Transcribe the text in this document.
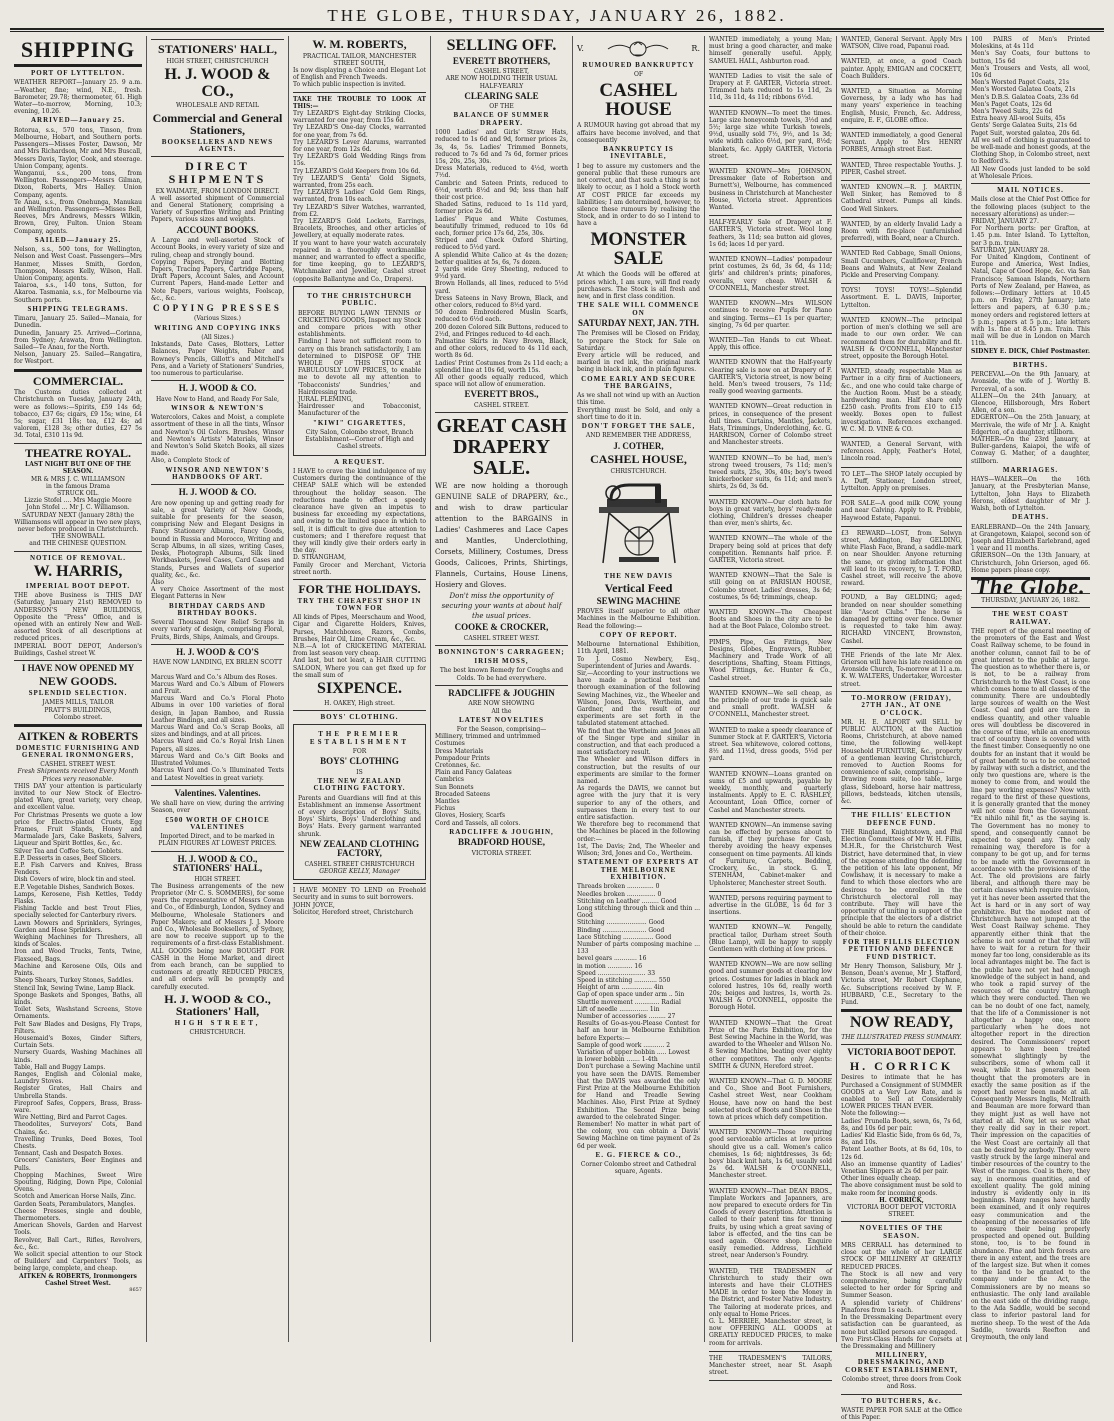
THE GLOBE, THURSDAY, JANUARY 26, 1882.
SHIPPING
PORT OF LYTTELTON.
WEATHER REPORT—January 25. 9 a.m.—Weather, fine; wind, N.E., fresh. Barometer, 29.78; thermometer, 61. High Water—to-morrow, Morning, 10.3; evening, 10.26.
ARRIVED—January 25.
Rotorua, s.s., 570 tons, Tinson, from Melbourne, Hobart, and Southern ports. Passengers—Misses Foster, Dawson, Mr and Mrs Richardson, Mr and Mrs Buscall, Messrs Davis, Taylor, Cook, and steerage. Union Company, agents.
Wanganui, s.s., 200 tons, from Wellington. Passengers—Messrs Gilman, Dixon, Roberts, Mrs Halley. Union Company, agents.
Te Anau, s.s., from Onehunga, Manukau and Wellington. Passengers—Misses Bell, Reeves, Mrs Andrews, Messrs Wilkin, Brown, Grey, Fulton. Union Steam Company, agents.
SAILED—January 25.
Nelson, s.s., 500 tons, for Wellington, Nelson and West Coast. Passengers—Mrs Hanmer, Misses Smith, Gordon, Thompson, Messrs Kelly, Wilson, Hall. Union Company, agents.
Taiaroa, s.s., 140 tons, Sutton, for Akaroa. Tasmania, s.s., for Melbourne via Southern ports.
SHIPPING TELEGRAMS.
Timaru, January 25. Sailed—Manaia, for Dunedin.
Dunedin, January 25. Arrived—Corinna, from Sydney; Arawata, from Wellington. Sailed—Te Anau, for the North.
Nelson, January 25. Sailed—Rangatira, for Westport.
COMMERCIAL.
The Customs duties collected at Christchurch on Tuesday, January 24th, were as follows:—Spirits, £59 14s 6d; tobacco, £37 6s; cigars, £9 15s; wine, £4 5s; sugar, £31 18s; tea, £12 4s; ad valorem, £128 3s; other duties, £27 5s 3d. Total, £310 11s 9d.
THEATRE ROYAL.
LAST NIGHT BUT ONE OF THE SEASON.
MR & MRS J. C. WILLIAMSON
in the famous Drama
STRUCK OIL.
Lizzie Stofel .... Mrs Maggie Moore
John Stofel ... Mr J. C. Williamson.
SATURDAY NEXT (January 28th) the Williamsons will appear in two new plays, never before produced in Christchurch.
THE SNOWBALL
and THE CHINESE QUESTION.
NOTICE OF REMOVAL.
W. HARRIS,
IMPERIAL BOOT DEPOT.
THE above Business is THIS DAY (Saturday, January 21st) REMOVED to ANDERSON'S NEW BUILDINGS, Opposite the "Press" Office, and is opened with an entirely New and Well-assorted Stock of all descriptions at reduced prices.
IMPERIAL BOOT DEPOT, Anderson's Buildings, Cashel street W.
I HAVE NOW OPENED MY
NEW GOODS.
SPLENDID SELECTION.
JAMES MILLS, TAILOR
PRATT'S BUILDINGS,
Colombo street.
AITKEN & ROBERTS
DOMESTIC FURNISHING AND GENERAL IRONMONGERS,
CASHEL STREET WEST.
Fresh Shipments received Every Month Prices very reasonable.
THIS DAY your attention is particularly invited to our New Stock of Electro-plated Ware, great variety, very cheap, and excellent value.
For Christmas Presents we quote a low price for Electro-plated Cruets, Egg Frames, Fruit Stands, Honey and Marmalade Jars, Cake Baskets, Salvers, Liqueur and Spirit Bottles, &c., &c.
Silver Tea and Coffee Sets, Goblets.
E.P. Desserts in cases, Beef Slicers.
E.P. Fish Carvers and Knives, Brass Fenders.
Dish Covers of wire, block tin and steel.
E.P. Vegetable Dishes, Sandwich Boxes.
Lamps, Kerosene, Fish Kettles, Teddy Flasks.
Fishing Tackle and best Trout Flies, specially selected for Canterbury rivers.
Lawn Mowers and Sprinklers, Syringes, Garden and Hose Sprinklers.
Weighing Machines for Threshers, all kinds of Scales.
Iron and Wood Trucks, Tents, Twine, Flaxseed, Bags.
Machine and Kerosene Oils, Oils and Paints.
Sheep Shears, Turkey Stones, Saddles.
Stencil Ink, Sewing Twine, Lamp Black.
Sponge Baskets and Sponges, Baths, all kinds.
Toilet Sets, Washstand Screens, Stove Ornaments.
Felt Saw Blades and Designs, Fly Traps, Filters.
Housemaid's Boxes, Ginder Sifters, Curtain Sets.
Nursery Guards, Washing Machines all kinds.
Table, Hall and Buggy Lamps.
Ranges, English and Colonial make, Laundry Stoves.
Register Grates, Hall Chairs and Umbrella Stands.
Fireproof Safes, Coppers, Brass, Brass-ware.
Wire Netting, Bird and Parrot Cages.
Theodolites, Surveyors' Cots, Band Chains, &c.
Travelling Trunks, Deed Boxes, Tool Chests.
Tennant, Cash and Despatch Boxes.
Grocers' Canisters, Beer Engines and Pulls.
Chopping Machines, Sweet Wire Spouting, Ridging, Down Pipe, Colonial Ovens.
Scotch and American Horse Nails, Zinc.
Garden Seats, Perambulators, Mangles.
Cheese Presses, single and double, Thermometers.
American Shovels, Garden and Harvest Tools.
Revolver, Ball Cart., Rifles, Revolvers, &c., &c.
We solicit special attention to our Stock of Builders' and Carpenters' Tools, as being large, complete, and cheap.
AITKEN & ROBERTS, Ironmongers Cashel Street West.
8657
STATIONERS' HALL,
HIGH STREET, CHRISTCHURCH
H. J. WOOD & CO.,
WHOLESALE AND RETAIL
Commercial and General Stationers,
BOOKSELLERS AND NEWS AGENTS.
DIRECT SHIPMENTS
EX WAIMATE, FROM LONDON DIRECT.
A well assorted shipment of Commercial and General Stationery, comprising a Variety of Superfine Writing and Printing Papers, various sizes and weights.
ACCOUNT BOOKS.
A Large and well-assorted Stock of Account Books, in every variety of size and ruling, cheap and strongly bound.
Copying Papers, Drying and Blotting Papers, Tracing Papers, Cartridge Papers, Draft Papers, Account Sales, and Account Current Papers, Hand-made Letter and Note Papers, various weights, Foolscap, &c., &c.
COPYING PRESSES
(Various Sizes.)
WRITING AND COPYING INKS
(All Sizes.)
Inkstands, Date Cases, Blotters, Letter Balances, Paper Weights, Faber and Rowney's Pencils, Gillott's and Mitchell's Pens, and a Variety of Stationers' Sundries, too numerous to particularise.
H. J. WOOD & CO.
Have Now to Hand, and Ready For Sale,
WINSOR & NEWTON'S
Watercolors, Cakes and Moist, a complete assortment of these in all the tints, Winsor and Newton's Oil Colors. Brushes, Winsor and Newton's Artists' Materials, Winsor and Newton's Solid Sketch Books, all sizes made.
Also, a Complete Stock of
WINSOR AND NEWTON'S HANDBOOKS OF ART.
H. J. WOOD & CO.
Are now opening up and getting ready for sale, a great Variety of New Goods, suitable for presents for the season, comprising New and Elegant Designs in Fancy Stationery Albums, Fancy Goods, bound in Russia and Morocco, Writing and Scrap Albums, in all sizes, writing Cases, Desks, Photograph Albums, Silk lined Workbaskets, Jewel Cases, Card Cases and Stands, Purses and Wallets of superior quality, &c., &c.
Also
A very Choice Assortment of the most Elegant Patterns in New
BIRTHDAY CARDS AND BIRTHDAY BOOKS.
Several Thousand New Relief Scraps in every variety of design, comprising Floral, Fruits, Birds, Ships, Animals, and Groups.
H. J. WOOD & CO'S
HAVE NOW LANDING, EX BRLEN SCOTT—
Marcus Ward and Co.'s Album des Roses.
Marcus Ward and Co.'s Album of Flowers and Fruit.
Marcus Ward and Co.'s Floral Photo Albums in over 100 varieties of floral design, in Japan Bamboo, and Russia Leather Bindings, and all sizes.
Marcus Ward and Co.'s Scrap Books, all sizes and bindings, and at all prices.
Marcus Ward and Co.'s Royal Irish Linen Papers, all sizes.
Marcus Ward and Co.'s Gift Books and Illustrated Volumes.
Marcus Ward and Co.'s Illuminated Texts and Latest Novelties in great variety.
Valentines. Valentines.
We shall have on view, during the arriving Season, over
£500 WORTH OF CHOICE VALENTINES
Imported Direct, and to be marked in PLAIN FIGURES AT LOWEST PRICES.
H. J. WOOD & CO., STATIONERS' HALL,
HIGH STREET.
The Business arrangements of the new Proprietor (Mr C. S. SOMMERS), for some years the representative of Messrs Cowan and Co., of Edinburgh, London, Sydney and Melbourne, Wholesale Stationers and Paper Makers; and of Messrs J. J. Moore and Co., Wholesale Booksellers, of Sydney, are now to receive support up to the requirements of a first-class Establishment.
ALL GOODS being now BOUGHT FOR CASH in the Home Market, and direct from each branch, can be supplied to customers at greatly REDUCED PRICES, and all orders will be promptly and carefully executed.
H. J. WOOD & CO., Stationers' Hall,
HIGH STREET,
CHRISTCHURCH.
W. M. ROBERTS,
PRACTICAL TAILOR, MANCHESTER STREET SOUTH,
Is now displaying a Choice and Elegant Lot of English and French Tweeds.
To which public inspection is invited.
TAKE THE TROUBLE TO LOOK AT THIS:—
Try LEZARD'S Eight-day Striking Clocks, warranted for one year, from 15s 6d.
Try LEZARD'S One-day Clocks, warranted for one year, from 7s 6d.
Try LEZARD'S Lever Alarums, warranted for one year, from 12s 6d.
Try LEZARD'S Gold Wedding Rings from 15s.
Try LEZARD'S Gold Keepers from 10s 6d.
Try LEZARD'S Genta' Gold Signets, warranted, from 25s each.
Try LEZARD'S Ladies' Gold Gem Rings, warranted, from 10s each.
Try LEZARD'S Silver Watches, warranted, from £2.
Try LEZARD'S Gold Lockets, Earrings, Bracelets, Brooches, and other articles of Jewellery, at equally moderate rates.
If you want to have your watch accurately repaired in a thoroughly workmanlike manner, and warranted to effect a specific, for time keeping, go to LEZARD'S, Watchmaker and Jeweller, Cashel street (opposite Ballantyne and Co., Drapers).
TO THE CHRISTCHURCH PUBLIC.
BEFORE BUYING LAWN TENNIS or CRICKETING GOODS, Inspect my Stock and compare prices with other establishments.
Finding I have not sufficient room to carry on this branch satisfactorily, I am determined to DISPOSE OF THE WHOLE OF THIS STOCK at FABULOUSLY LOW PRICES, to enable me to devote all my attention to 'Tobacconists' Sundries,' and Hairdressing trade.
JURAL FLEMING,
Hairdresser and Tobacconist, Manufacturer of the
"KIWI" CIGARETTES,
City Salon, Colombo street, Branch Establishment—Corner of High and Cashel streets.
A REQUEST.
I HAVE to crave the kind indulgence of my Customers during the continuance of the CHEAP SALE which will be extended throughout the holiday season. The reductions made to effect a speedy clearance have given an impetus to business far exceeding my expectations, and owing to the limited space in which to sell, it is difficult to give due attention to customers; and I therefore request that they will kindly give their orders early in the day.
D. STRANGHAM,
Family Grocer and Merchant, Victoria street north.
FOR THE HOLIDAYS.
TRY THE CHEAPEST SHOP IN TOWN FOR
All kinds of Pipes, Meerschaum and Wood, Cigar and Cigarette Holders, Knives, Purses, Matchboxes, Razors, Combs, Brushes, Hair Oil, Lime Cream, &c., &c.
N.B.—A lot of CRICKETING MATERIAL from last season very cheap.
And last, but not least, a HAIR CUTTING SALOON, Where you can get fixed up for the small sum of
SIXPENCE.
H. OAKEY, High street.
BOYS' CLOTHING.
THE PREMIER ESTABLISHMENT
FOR
BOYS' CLOTHING
IS
THE NEW ZEALAND CLOTHING FACTORY.
Parents and Guardians will find at this Establishment an immense Assortment of every description of Boys' Suits, Boys' Shirts, Boys' Underclothing and Boys' Hats. Every garment warranted shrunk.
NEW ZEALAND CLOTHING FACTORY,
CASHEL STREET CHRISTCHURCH
GEORGE KELLY, Manager
I HAVE MONEY TO LEND on Freehold Security and in sums to suit borrowers.
JOHN JOYCE,
Solicitor, Hereford street, Christchurch
SELLING OFF.
EVERETT BROTHERS,
CASHEL STREET,
ARE NOW HOLDING THEIR USUAL
HALF-YEARLY
CLEARING SALE
OF THE
BALANCE OF SUMMER DRAPERY.
1000 Ladies' and Girls' Straw Hats, reduced to 1s 6d and 9d, former prices 2s, 3s, 4s, 5s. Ladies' Trimmed Bonnets, reduced to 7s 6d and 7s 6d, former prices 15s, 20s, 25s, 30s.
Dress Materials, reduced to 4½d, worth 7½d.
Cambric and Sateen Prints, reduced to 6½d, worth 8½d and 9d; less than half their cost price.
Shaded Satins, reduced to 1s 11d yard, former price 2s 6d.
Ladies' Pique and White Costumes, beautifully trimmed, reduced to 10s 6d each, former price 17s 6d, 25s, 30s.
Striped and Check Oxford Shirting, reduced to 5½d yard.
A splendid White Calico at 4s the dozen; better qualities at 5s, 6s, 7s dozen.
2 yards wide Grey Sheeting, reduced to 9½d yard.
Brown Hollands, all lines, reduced to 5½d yard.
Dress Sateens in Navy Brown, Black, and other colors, reduced to 8½d yard.
50 dozen Embroidered Muslin Scarfs, reduced to 6½d each.
200 dozen Colored Silk Buttons, reduced to 2½d, and Fringes reduced to 4d each.
Palmatine Skirts in Navy Brown, Black, and other colors, reduced to 4s 11d each, worth 8s 6d.
Ladies' Print Costumes from 2s 11d each; a splendid line at 10s 6d, worth 15s.
All other goods equally reduced, which space will not allow of enumeration.
EVERETT BROS.,
CASHEL STREET.
GREAT CASH DRAPERY SALE.
WE are now holding a thorough GENUINE SALE of DRAPERY, &c., and wish to draw particular attention to the BARGAINS in Ladies' Cashmeres and Lace Capes and Mantles, Underclothing, Corsets, Millinery, Costumes, Dress Goods, Calicoes, Prints, Shirtings, Flannels, Curtains, House Linens, Hosiery and Gloves.
Don't miss the opportunity of securing your wants at about half the usual prices.
COOKE & CROCKER,
CASHEL STREET WEST.
BONNINGTON'S CARRAGEEN;
IRISH MOSS,
The best known Remedy for Coughs and Colds. To be had everywhere.
RADCLIFFE & JOUGHIN
ARE NOW SHOWING
All the
LATEST NOVELTIES
For the Season, comprising—
Millinery, trimmed and untrimmed
Costumes
Dress Materials
Pompadour Prints
Cretonnes, &c.
Plain and Fancy Galateas
Cambrics
Sun Bonnets
Brocaded Sateens
Mantles
Fichus
Gloves, Hosiery, Scarfs
Cord and Tassels, all colors.
RADCLIFFE & JOUGHIN,
BRADFORD HOUSE,
VICTORIA STREET.
V.	R.
RUMOURED BANKRUPTCY
OF
CASHEL HOUSE
A RUMOUR having got abroad that my affairs have become involved, and that consequently
BANKRUPTCY IS INEVITABLE,
I beg to assure my customers and the general public that these rumours are not correct, and that such a thing is not likely to occur, as I hold a Stock worth AT COST PRICE far exceeds my liabilities; I am determined, however, to silence these rumours by realising the Stock, and in order to do so I intend to have a
MONSTER SALE
At which the Goods will be offered at prices which, I am sure, will find ready purchasers. The Stock is all fresh and new, and in first class condition.
THE SALE WILL COMMENCE ON
SATURDAY NEXT, JAN. 7TH.
The Premises will be Closed on Friday, to prepare the Stock for Sale on Saturday.
Every article will be reduced, and marked in red ink, the original mark being in black ink, and in plain figures.
COME EARLY AND SECURE THE BARGAINS,
As we shall not wind up with an Auction this time.
Everything must be Sold, and only a short time to do it in.
DON'T FORGET THE SALE,
AND REMEMBER THE ADDRESS,
J. COTHER,
CASHEL HOUSE,
CHRISTCHURCH.
THE NEW DAVIS
Vertical Feed
SEWING MACHINE
PROVES itself superior to all other Machines in the Melbourne Exhibition. Read the following:—
COPY OF REPORT.
Melbourne International Exhibition, 11th April, 1881.
To J. Cosmo Newbery, Esq., Superintendent of Juries and Awards.
Sir,—According to your instructions we have made a practical test and thorough examination of the following Sewing Machines, viz., the Wheeler and Wilson, Jones, Davis, Wertheim, and Gardner, and the result of our experiments are set forth in the tabulated statement attached.
We find that the Wertheim and Jones all of the Singer type and similar in construction, and that each produced a most satisfactory result.
The Wheeler and Wilson differs in construction, but the results of our experiments are similar to the former named.
As regards the DAVIS, we cannot but agree with the jury that it is very superior to any of the others, and surpasses them in every test to our entire satisfaction.
We therefore beg to recommend that the Machines be placed in the following order:—
1st, The Davis; 2nd, The Wheeler and Wilson; 3rd, Jones and Co., Wertheim.
STATEMENT OF EXPERTS AT THE MELBOURNE EXHIBITION.
Threads broken .............. 0
Needles broken ............... 0
Stitching on Leather ......... Good
Long stitching through thick and thin ... Good
Stitching ..................... Good
Binding ....................... Good
Lace Stitching ................ Good
Number of parts composing machine ... 133
bevel gears ............ 16
in motion ............. 16
Speed ......................... 33
Speed in stitching ............ 550
Height of arm ................ 4in
Gap of open space under arm .. 5in
Shuttle movement ............. Radial
Lift of needle ............... 1in
Number of accessories ......... 27
Results of Go-as-you-Please Contest for half an hour in Melbourne Exhibition before Experts:—
Sample of good work ........... 2
Variation of upper bobbin ..... Lowest
in lower bobbin ....... 1-4th
Don't purchase a Sewing Machine until you have seen the DAVIS. Remember that the DAVIS was awarded the only First Prize at the Melbourne Exhibition for Hand and Treadle Sewing Machines. Also, First Prize at Sydney Exhibition. The Second Prize being awarded to the celebrated Singer.
Remember! No matter in what part of the colony, you can obtain a Davis' Sewing Machine on time payment of 2s 6d per week.
E. G. FIERCE & CO.,
Corner Colombo street and Cathedral square, Agents.
WANTED immediately, a young Man; must bring a good character, and make himself generally useful. Apply, SAMUEL HALL, Ashburton road.
WANTED Ladies to visit the sale of Drapery at F. GARTER, Victoria street. Trimmed hats reduced to 1s 11d, 2s 11d, 3s 11d, 4s 11d; ribbons 6½d.
WANTED KNOWN—To meet the times. Large size honeycomb towels, 3½d and 5½; large size white Turkish towels, 9½d, usually sold 7½, 9½, and 1s 3d; wide width calico 6½d, per yard, 8½d; blankets, &c. Apply GARTER, Victoria street.
WANTED KNOWN—Mrs JOHNSON, Dressmaker (late of Robertson and Burnett's), Welbourne, has commenced business in Christchurch at Manchester House, Victoria street. Apprentices Wanted.
HALF-YEARLY Sale of Drapery at F. GARTER'S, Victoria street. Wool long feathers, 3s 11d; sea button aid gloves, 1s 6d; laces 1d per yard.
WANTED KNOWN—Ladies' pompadour print costumes, 2s 6d, 3s 6d, 4s 11d; girls' and children's prints; pinafores, overalls, very cheap. WALSH & O'CONNELL, Manchester street.
WANTED KNOWN—Mrs WILSON continues to receive Pupils for Piano and singing. Terms—£1 1s per quarter; singing, 7s 6d per quarter.
WANTED—Ten Hands to cut Wheat. Apply, this office.
WANTED KNOWN that the Half-yearly clearing sale is now on at Drapery of F. GARTER'S, Victoria street, is now being held. Men's tweed trousers, 7s 11d; really good weaving garments.
WANTED KNOWN—Great reduction in prices, in consequence of the present dull times. Curtains, Mantles, Jackets, Hats, Trimmings, Underclothing, &c. G. HARRISON, Corner of Colombo street and Manchester streets.
WANTED KNOWN—To be had, men's strong tweed trousers, 7s 11d; men's tweed suits, 25s, 30s, 40s; boy's tweed knickerbocker suits, 6s 11d; and men's shirts, 2s 6d, 3s 6d.
WANTED KNOWN—Our cloth hats for boys in great variety, boys' ready-made clothing, Children's dresses cheaper than ever, men's shirts, &c.
WANTED KNOWN—The whole of the Drapery being sold at prices that defy competition. Remnants half price. F. GARTER, Victoria street.
WANTED KNOWN—That the Sale is still going on at PARISIAN HOUSE, Colombo street. Ladies' dresses, 3s 6d; costumes, 5s 6d; trimmings, cheap.
WANTED KNOWN—The Cheapest Boots and Shoes in the city are to be had at the Boot Palace, Colombo street.
PIMPS, Pipe, Gas Fittings, New Designs, Globes, Engravers, Rubber, Machinery and Trade Work of all descriptions, Shafting, Steam Fittings, Wood Fittings, &c. Hunter & Co., Cashel street.
WANTED KNOWN—We sell cheap, as the principle of our trade is quick sale and small profit. WALSH & O'CONNELL, Manchester street.
WANTED to make a speedy clearance of Summer Stock at F. GARTER'S, Victoria street. Sea whitewove, colored cottons, 8½ and 11½d, dress goods, 5½d per yard.
WANTED KNOWN—Loans granted on sums of £5 and upwards, payable by weekly, monthly, and quarterly instalments. Apply to E. C. RASHLEY, Accountant, Loan Office, corner of Cashel and Manchester streets.
WANTED KNOWN—An immense saving can be effected by persons about to furnish, if they purchase for Cash, thereby avoiding the heavy expenses consequent on time payments. All kinds of Furniture, Carpets, Bedding, Crockery, &c., in stock. G. T. STENHAM, Cabinet-maker and Upholsterer, Manchester street South.
WANTED, persons requiring payment to advertise in the GLOBE, 1s 6d for 3 insertions.
WANTED KNOWN—W. Pengelly, practical tailor, Durham street South (Blue Lamp), will be happy to supply Gentlemen with clothing at low prices.
WANTED KNOWN—We are now selling good and summer goods at clearing low prices. Costumes for ladies in black and colored lustres, 10s 6d, really worth 20s; beiges and lustres, 1s, worth 2s. WALSH & O'CONNELL, opposite the Borough Hotel.
WANTED KNOWN—That the Great Prize of the Paris Exhibition, for the Best Sewing Machine in the World, was awarded to the Wheeler and Wilson No. 8 Sewing Machine, beating over eighty other competitors. The only Agents: SMITH & GUNN, Hereford street.
WANTED KNOWN—That G. D. MOORE and Co., Shoe and Boot Furnishers, Cashel street West, near Cookham House, have now on hand the best selected stock of Boots and Shoes in the town at prices which defy competition.
WANTED KNOWN—Those requiring good serviceable articles at low prices should give us a call. Women's calico chemises, 1s 6d; nightdresses, 3s 6d; boys' black knit hats, 1s 6d, usually sold 2s 6d. WALSH & O'CONNELL, Manchester street.
WANTED KNOWN—That DEAN BROS., Timplate Workers and Japanners, are now prepared to execute orders for Tin Goods of every description. Attention is called to their patent tins for tinning fruits, by using which a great saving of labor is effected, and the tins can be used again. Observe shop. Enquire easily remedied. Address, Lichfield street, near Anderson's Foundry.
WANTED, THE TRADESMEN of Christchurch to study their own interests and have their CLOTHES MADE in order to keep the Money in the District, and Foster Native Industry. The Tailoring at moderate prices, and only equal to Home Prices.
G. L. MERRIEE, Manchester street, is now OFFERING ALL GOODS at GREATLY REDUCED PRICES, to make room for arrivals.
THE TRADESMEN'S TAILORS, Manchester street, near St. Asaph street.
WANTED, General Servant. Apply Mrs WATSON, Clive road, Papanui road.
WANTED, at once, a good Coach painter. Apply, EMIGAN and COCKETT, Coach Builders.
WANTED, a Situation as Morning Governess, by a lady who has had many years' experience in teaching English, Music, French, &c. Address, enquire, E. F., GLOBE office.
WANTED immediately, a good General Servant. Apply to Mrs HENRY FORBES, Armagh street East.
WANTED, Three respectable Youths. J. PIPER, Cashel street.
WANTED KNOWN.—R. J. MARTIN, Well Sinker, has Removed to 8 Cathedral street. Pumps all kinds. Good Well Sinkers.
WANTED, by an elderly Invalid Lady a Room with fire-place (unfurnished preferred), with Board, near a Church.
WANTED Red Cabbage, Small Onions, Small Cucumbers, Cauliflower, French Beans and Walnuts, at New Zealand Pickle and Preserving Company.
TOYS! TOYS! TOYS!—Splendid Assortment. E. L. DAVIS, Importer, Lyttelton.
WANTED KNOWN—The principal portion of men's clothing we sell are made to our own order. We can recommend them for durability and fit. WALSH & O'CONNELL, Manchester street, opposite the Borough Hotel.
WANTED, steady, respectable Man as Partner in a city firm of Auctioneers, &c., and one who could take charge of the Auction Room. Must be a steady, hardworking man. Half share only £250 cash. Profits from £10 to £15 weekly. Boxes open to fullest investigation. References exchanged. W. C. M. D. VINE & CO.
WANTED, a General Servant, with references. Apply, Feather's Hotel, Lincoln road.
TO LET—The SHOP lately occupied by A. Duff, Stationer, London street, Lyttelton. Apply on premises.
FOR SALE—A good milk COW, young and near Calving. Apply to R. Prebble, Haywood Estate, Papanui.
£3 REWARD—LOST, from Selwyn street, Addington, Bay GELDING, white Flash Face, Brand, a saddle-mark on near Shoulder. Anyone returning the same, or giving information that will lead to its recovery, to J. T. FORD, Cashel street, will receive the above reward.
FOUND, a Bay GELDING; aged; branded on near shoulder something like "Ascot Clubs." The horse is damaged by getting over fence. Owner is requested to take him away. RICHARD VINCENT, Brownston, Cashel.
THE Friends of the late Mr Alex. Grierson will have his late residence on Avonside Church, To-morrow at 11 a.m. K. W. WALTERS, Undertaker, Worcester street.
TO-MORROW (FRIDAY), 27TH JAN., AT ONE O'CLOCK.
MR. H. E. ALPORT will SELL by PUBLIC AUCTION, at the Auction Rooms, Christchurch, at above named time, the following well-kept Household FURNITURE, &c., property of a gentleman leaving Christchurch, removed to Auction Rooms for convenience of sale, comprising—
Drawing room suite, loo table, large glass, Sideboard, horse hair mattress, pillows, bedsteads, kitchen utensils, &c.
THE FILLIS' ELECTION DEFENCE FUND.
THE Ringland, Knightstown, and Phil Election Committees of Mr W. H. Fillis, M.H.R., for the Christchurch West District, have determined that, in view of the expense attending the defending the petition of his late opponent, Mr Cowlishaw, it is necessary to make a fund to which those electors who are desirous to be enrolled in the Christchurch electoral roll may contribute. They will have the opportunity of uniting in support of the principle that the electors of a district should be able to return the candidate of their choice.
FOR THE FILLIS ELECTION PETITION AND DEFENCE FUND DISTRICT.
Mr Henry Thomson, Salisbury, Mr J. Benson, Dean's avenue, Mr J. Stafford, Victoria street, Mr Robert Clephane, &c. Subscriptions received by W. F. HUBBARD, C.E., Secretary to the Fund.
NOW READY,
THE ILLUSTRATED PRESS SUMMARY.
VICTORIA BOOT DEPOT.
H. CORRICK
Desires to intimate that he has Purchased a Consignment of SUMMER GOODS at a Very Low Rate, and is enabled to Sell at Considerably LOWER PRICES THAN EVER.
Note the following:—
Ladies' Prunella Boots, sewn, 6s, 7s 6d, 8s, and 10s 6d per pair.
Ladies' Kid Elastic Side, from 6s 6d, 7s, 8s, and 10s.
Patent Leather Boots, at 8s 6d, 10s, to 12s 6d.
Also an immense quantity of Ladies' Venetian Slippers at 2s 6d per pair.
Other lines equally cheap.
The above consignment must be sold to make room for incoming goods.
H. CORRICK,
VICTORIA BOOT DEPOT VICTORIA STREET.
NOVELTIES OF THE SEASON.
MRS CERRALL has determined to close out the whole of her LARGE STOCK OF MILLINERY AT GREATLY REDUCED PRICES.
The Stock is all new and very comprehensive, being carefully selected to her order for Spring and Summer Season.
A splendid variety of Childrens' Pinafores from 1s each.
In the Dressmaking Department every satisfaction can be guaranteed, as none but skilled persons are engaged.
Two First-Class Hands for Corsets at the Dressmaking and Millinery
MILLINERY, DRESSMAKING, AND CORSET ESTABLISHMENT,
Colombo street, three doors from Cook and Ross.
TO BUTCHERS, &c.
WASTE PAPER FOR SALE at the Office of this Paper.
100 PAIRS of Men's Printed Moleskins, at 4s 11d
Men's Say Coats, four buttons to button, 15s 6d
Men's Trousers and Vests, all wool, 10s 6d
Men's Worsted Paget Coats, 21s
Men's Worsted Galatea Coats, 21s
Men's D.B.S. Galatea Coats, 23s 6d
Men's Paget Coats, 12s 6d
Men's Tweed Suits, 22s 6d
Extra heavy All-wool Suits, 45s
Gents' Serge Galatea Suits, 21s 6d
Paget Suit, worsted galatea, 20s 6d.
All we sell of clothing is guaranteed to be well-made and honest goods, at the Clothing Shop, in Colombo street, next to Redford's.
All New Goods just landed to be sold at Wholesale Prices.
MAIL NOTICES.
Mails close at the Chief Post Office for the following places (subject to the necessary alterations) as under:—
FRIDAY, JANUARY 27.
For Northern ports: per Grafton, at 1.45 p.m. Inter Island. To Lyttelton, per 3 p.m. train.
SATURDAY, JANUARY 28.
For United Kingdom, Continent of Europe and America, West Indies, Natal, Cape of Good Hope, &c. via San Francisco; Samoan Islands, Northern Ports of New Zealand, per Hawea, as follows:—Ordinary letters at 10.45 p.m. on Friday, 27th January; late letters and papers, at 6.30 p.m.; money orders and registered letters at 5 p.m.; papers at 5 p.m.; late letters with 1s. fine at 8.45 p.m. Train. This mail will be due in London on March 11th.
SIDNEY E. DICK, Chief Postmaster.
BIRTHS.
PERCEVAL—On the 9th January, at Avonside, the wife of J. Worthy B. Perceval, of a son.
ALLEN—On the 24th January, at Glencoe, Hillsborough, Mrs Robert Allen, of a son.
EDGERTON—On the 25th January, at Merrivale, the wife of Mr J. A. Knight Edgerton, of a daughter, stillborn.
MATHER—On the 23rd January, at Buller-gardens, Kaiapoi, the wife of Conway G. Mather, of a daughter, stillborn.
MARRIAGES.
HAYS—WALKER—On the 16th January, at the Presbyterian Manse, Lyttelton, John Hays to Elizabeth Herons, eldest daughter of Mr J. Walsh, both of Lyttelton.
DEATHS.
EARLEBRAND—On the 24th January, at Grangetown, Kaiapoi, second son of Joseph and Elizabeth Earlebrand, aged 1 year and 11 months.
GRIERSON—On the 13th January, at Christchurch, John Grierson, aged 66. Home papers please copy.
The Globe.
THURSDAY, JANUARY 26, 1882.
THE WEST COAST RAILWAY.
THE report of the general meeting of the promoters of the East and West Coast Railway scheme, to be found in another column, cannot fail to be of great interest to the public at large. The question as to whether there is, or is not, to be a railway from Christchurch to the West Coast, is one which comes home to all classes of the community. There are undoubtedly large sources of wealth on the West Coast. Coal and gold are there in endless quantity, and other valuable ores will doubtless be discovered in the course of time, while an enormous tract of country there is covered with the finest timber. Consequently no one doubts for an instant that it would be of great benefit to us to be connected by railway with such a district, and the only two questions are, where is the money to come from, and would the line pay working expenses? Now with regard to the first of these questions, it is generally granted that the money will not come from the Government. "Ex nihilo nihil fit," as the saying is. The Government has no money to spend, and consequently cannot be expected to spend any. The only remaining way, therefore is for a company to be got up, and for terms to be made with the Government in accordance with the provisions of the Act. The old provisions are fairly liberal, and although there may be certain clauses which require revision, yet it has never been asserted that the Act is hard or in any sort of way prohibitive. But the modest men of Christchurch have not jumped at the West Coast Railway scheme. They apparently either think that the scheme is not sound or that they will have to wait for a return for their money far too long, considerable as its local advantages might be. The fact is the public have not yet had enough knowledge of the subject in hand, and who took a rapid survey of the resources of the country through which they were conducted. Then we can be no doubt of one fact, namely, that the life of a Commissioner is not altogether a happy one, more particularly when he does not altogether report in the direction desired. The Commissioners' report appears to have been treated somewhat slightingly by the subscribers, some of whom call it weak, while it has generally been thought that the promoters are in exactly the same position as if the report had never been made at all. Consequently Messrs Inglis, McIlraith and Beauman are more forward than they might just as well have not started at all. Now, let us see what they really did say in their report. Their impression on the capacities of the West Coast are certainly all that can be desired by anybody. They were vastly struck by the large mineral and timber resources of the country to the West of the ranges. Coal is there, they say, in enormous quantities, and of excellent quality. The gold mining industry is evidently only in its beginnings. Many ranges have hardly been examined, and it only requires easy communication and the cheapening of the necessaries of life to ensure their being properly prospected and opened out. Building stone, too, is to be found in abundance. Pine and birch forests are there in any extent, and the trees are of the largest size. But when it comes to the land to be granted to the company under the Act, the Commissioners are by no means so enthusiastic. The only land available on the east side of the dividing range, to the Ada Saddle, would be second class to inferior pastoral land for merino sheep. To the west of the Ada Saddle, towards Reefton and Greymouth, the only land
